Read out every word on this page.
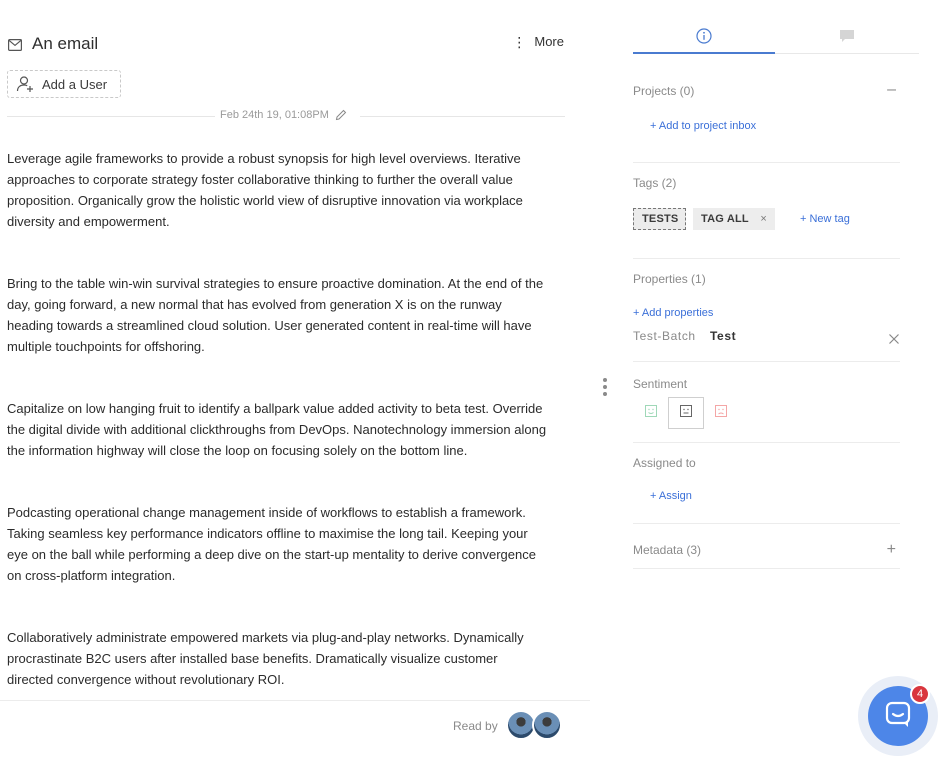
An email	⋮ More
Add a User
Feb 24th 19, 01:08PM

Leverage agile frameworks to provide a robust synopsis for high level overviews. Iterative approaches to corporate strategy foster collaborative thinking to further the overall value proposition. Organically grow the holistic world view of disruptive innovation via workplace diversity and empowerment.

Bring to the table win-win survival strategies to ensure proactive domination. At the end of the day, going forward, a new normal that has evolved from generation X is on the runway heading towards a streamlined cloud solution. User generated content in real-time will have multiple touchpoints for offshoring.

Capitalize on low hanging fruit to identify a ballpark value added activity to beta test. Override the digital divide with additional clickthroughs from DevOps. Nanotechnology immersion along the information highway will close the loop on focusing solely on the bottom line.

Podcasting operational change management inside of workflows to establish a framework. Taking seamless key performance indicators offline to maximise the long tail. Keeping your eye on the ball while performing a deep dive on the start-up mentality to derive convergence on cross-platform integration.

Collaboratively administrate empowered markets via plug-and-play networks. Dynamically procrastinate B2C users after installed base benefits. Dramatically visualize customer directed convergence without revolutionary ROI.

Read by
Projects (0)	–
+ Add to project inbox
Tags (2)
TESTS TAG ALL ×	+ New tag
Properties (1)
+ Add properties
Test-Batch Test
Sentiment
Assigned to
+ Assign
Metadata (3)	+
4
